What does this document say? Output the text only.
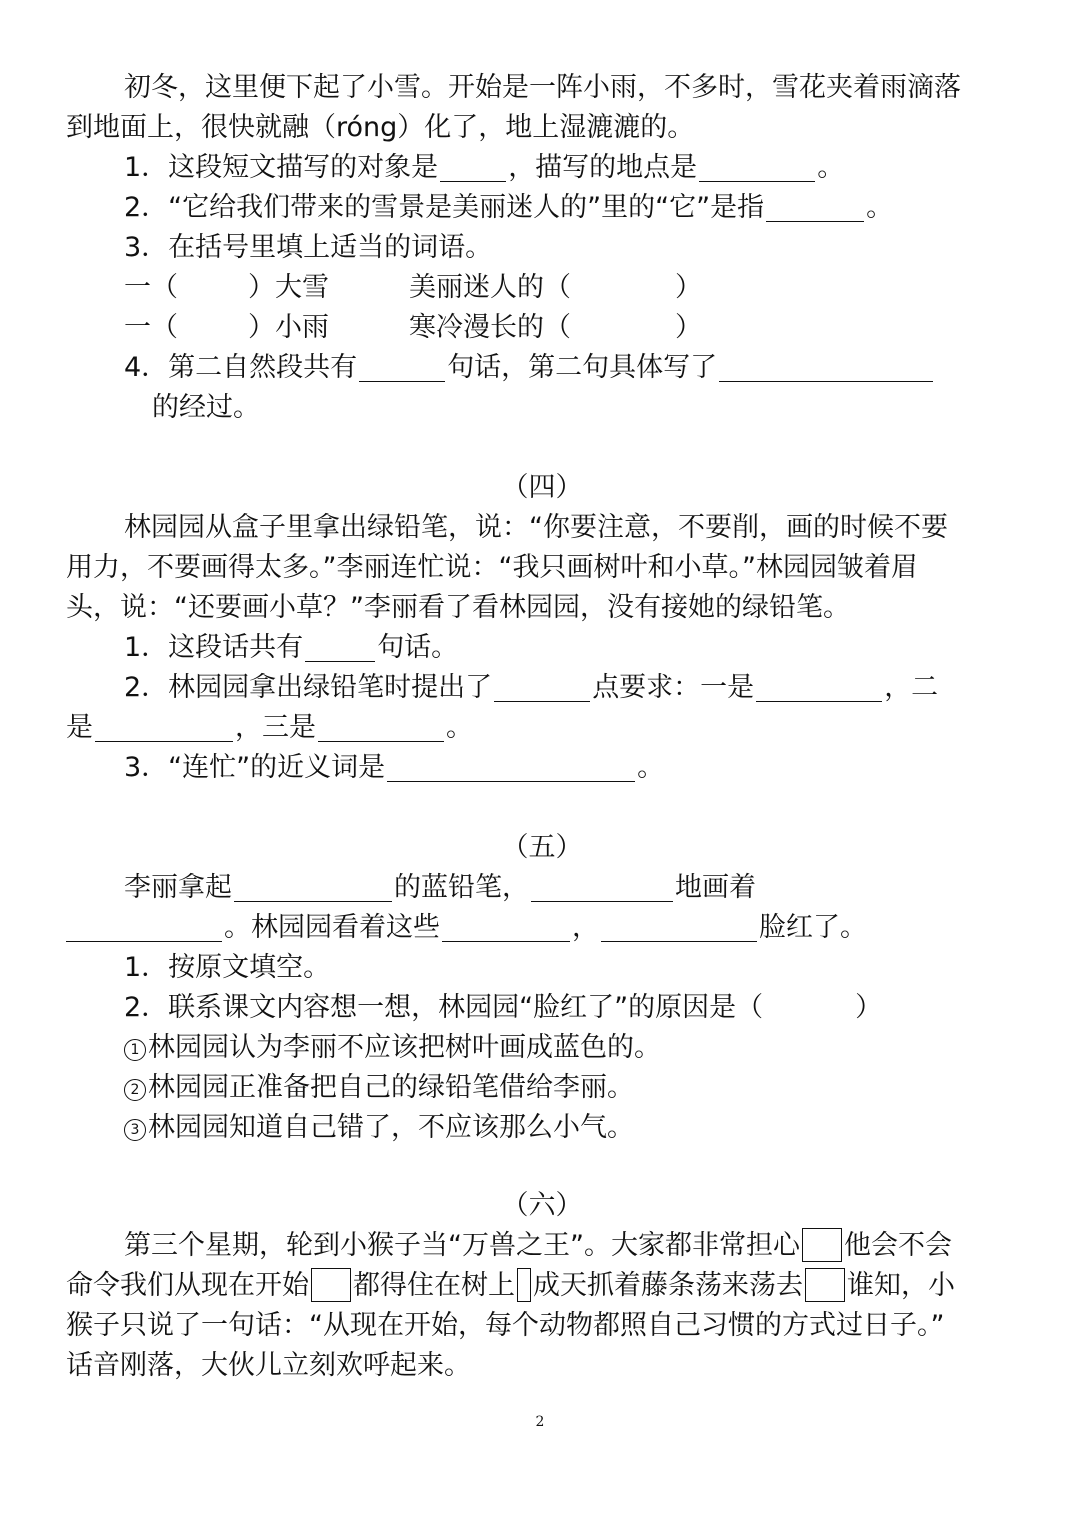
初冬，这里便下起了小雪。开始是一阵小雨，不多时，雪花夹着雨滴落
到地面上，很快就融（róng）化了，地上湿漉漉的。
1．这段短文描写的对象是	，描写的地点是	。
2．“它给我们带来的雪景是美丽迷人的”里的“它”是指	。
3．在括号里填上适当的词语。
一（	）大雪	美丽迷人的（	）
一（	）小雨	寒冷漫长的（	）
4．第二自然段共有	句话，第二句具体写了
的经过。
（四）
林园园从盒子里拿出绿铅笔，说：“你要注意，不要削，画的时候不要
用力，不要画得太多。”李丽连忙说：“我只画树叶和小草。”林园园皱着眉
头，说：“还要画小草？”李丽看了看林园园，没有接她的绿铅笔。
1．这段话共有	句话。
2．林园园拿出绿铅笔时提出了	点要求：一是	，二
是	，三是	。
3．“连忙”的近义词是	。
（五）
李丽拿起	的蓝铅笔，	地画着
。林园园看着这些	，	脸红了。
1．按原文填空。
2．联系课文内容想一想，林园园“脸红了”的原因是（	）
1 林园园认为李丽不应该把树叶画成蓝色的。
2 林园园正准备把自己的绿铅笔借给李丽。
3 林园园知道自己错了，不应该那么小气。
（六）
第三个星期，轮到小猴子当“万兽之王”。大家都非常担心 他会不会
命令我们从现在开始 都得住在树上 成天抓着藤条荡来荡去 谁知，小
猴子只说了一句话：“从现在开始，每个动物都照自己习惯的方式过日子。”
话音刚落，大伙儿立刻欢呼起来。
2
